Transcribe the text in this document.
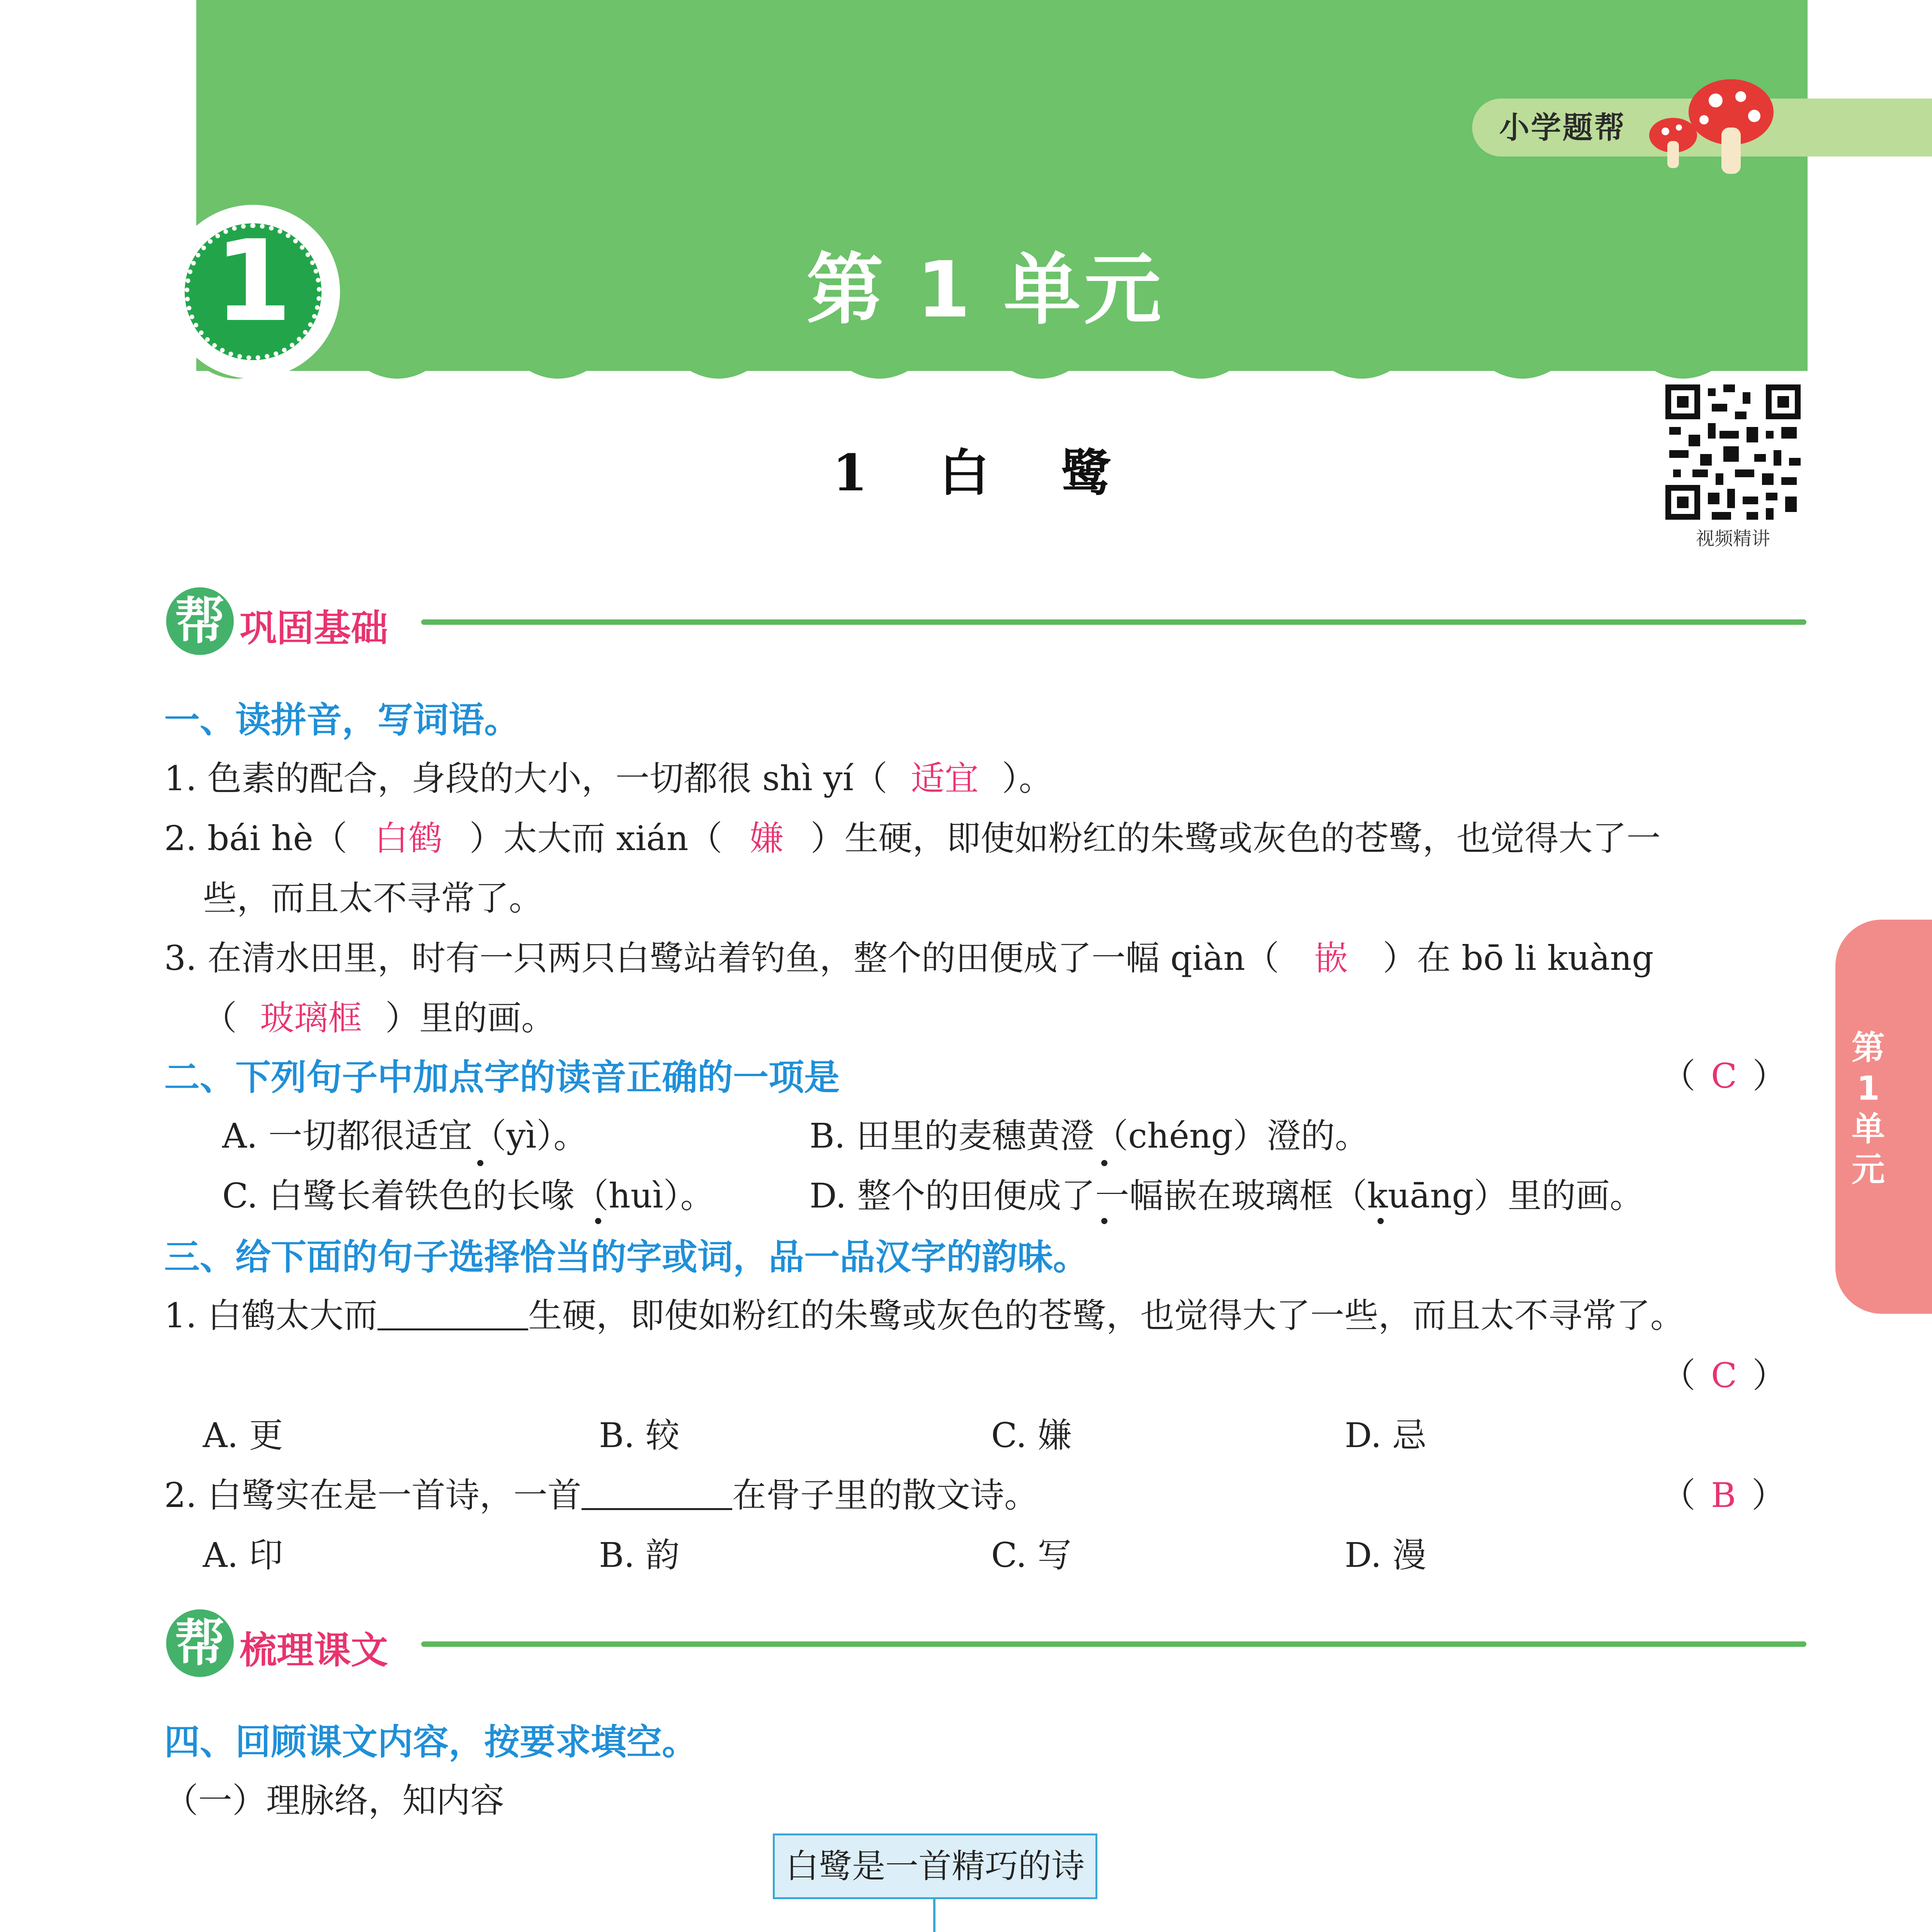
小学题帮
1	第 1 单元
1 白 鹭
视频精讲
帮 巩固基础
一、读拼音，写词语。
1. 色素的配合，身段的大小，一切都很 shì yí（ 适宜 ）。
2. bái hè（ 白鹤 ）太大而 xián（ 嫌 ）生硬，即使如粉红的朱鹭或灰色的苍鹭，也觉得大了一
些，而且太不寻常了。
3. 在清水田里，时有一只两只白鹭站着钓鱼，整个的田便成了一幅 qiàn（ 嵌 ）在 bō li kuàng
（ 玻璃框 ）里的画。
二、下列句子中加点字的读音正确的一项是	（ C ）
A. 一切都很适宜（yì）。	B. 田里的麦穗黄澄（chéng）澄的。
C. 白鹭长着铁色的长喙（huì）。	D. 整个的田便成了一幅嵌在玻璃框（kuāng）里的画。
三、给下面的句子选择恰当的字或词，品一品汉字的韵味。
1. 白鹤太大而	生硬，即使如粉红的朱鹭或灰色的苍鹭，也觉得大了一些，而且太不寻常了。
（ C ）
A. 更	B. 较	C. 嫌	D. 忌
2. 白鹭实在是一首诗，一首	在骨子里的散文诗。	（ B ）
A. 印	B. 韵	C. 写	D. 漫
帮 梳理课文
四、回顾课文内容，按要求填空。
（一）理脉络，知内容
白鹭是一首精巧的诗
第1单元
